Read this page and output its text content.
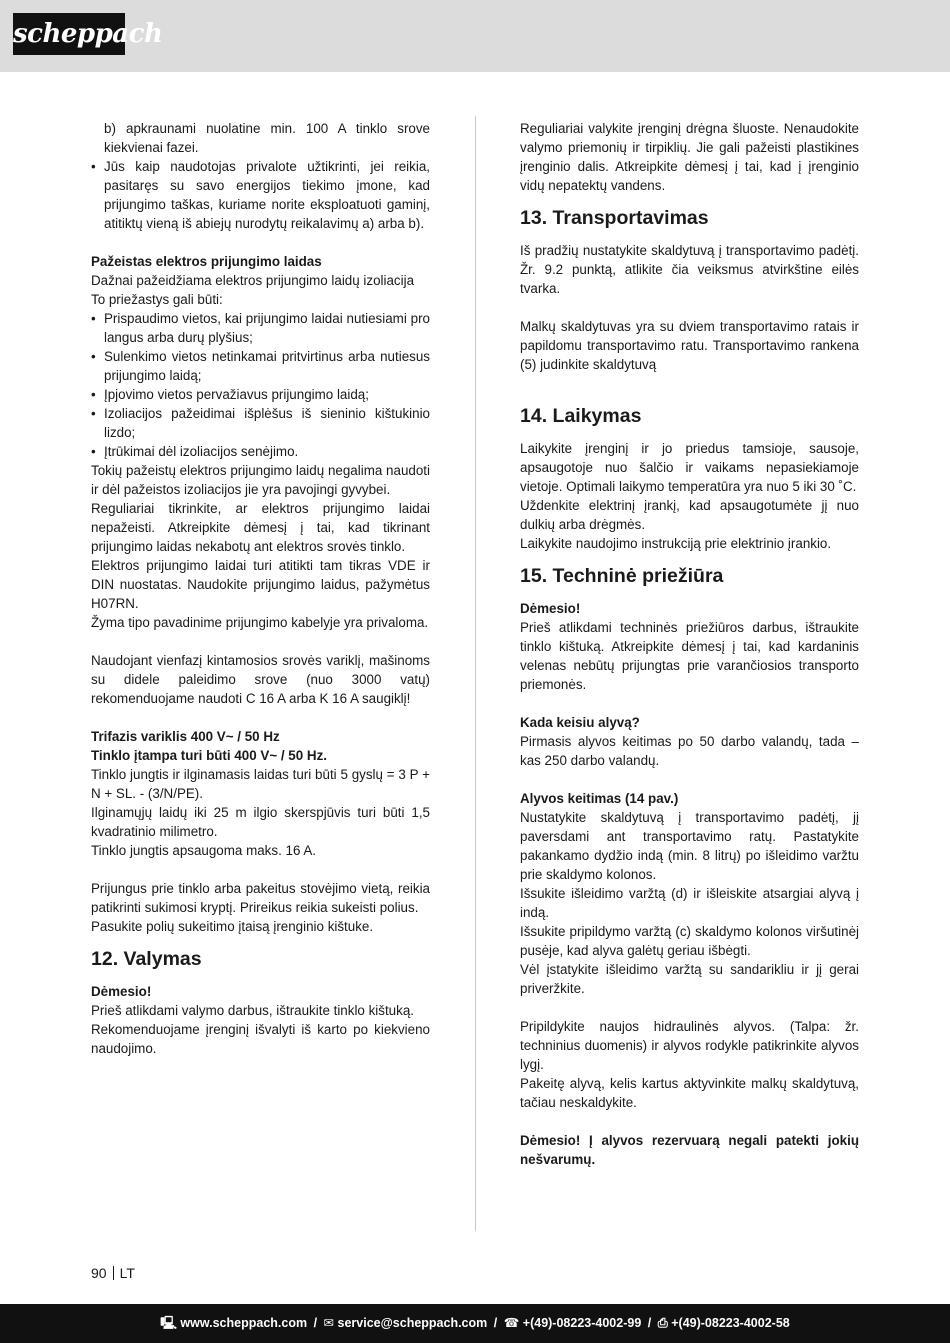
scheppach

b) apkraunami nuolatine min. 100 A tinklo srove kiekvienai fazei.

• Jūs kaip naudotojas privalote užtikrinti, jei reikia, pasitaręs su savo energijos tiekimo įmone, kad prijungimo taškas, kuriame norite eksploatuoti gaminį, atitiktų vieną iš abiejų nurodytų reikalavimų a) arba b).

Pažeistas elektros prijungimo laidas

Dažnai pažeidžiama elektros prijungimo laidų izoliacija

To priežastys gali būti:

• Prispaudimo vietos, kai prijungimo laidai nutiesiami pro langus arba durų plyšius;
• Sulenkimo vietos netinkamai pritvirtinus arba nutiesus prijungimo laidą;
• Įpjovimo vietos pervažiavus prijungimo laidą;
• Izoliacijos pažeidimai išplėšus iš sieninio kištukinio lizdo;
• Įtrūkimai dėl izoliacijos senėjimo.

Tokių pažeistų elektros prijungimo laidų negalima naudoti ir dėl pažeistos izoliacijos jie yra pavojingi gyvybei.

Reguliariai tikrinkite, ar elektros prijungimo laidai nepažeisti. Atkreipkite dėmesį į tai, kad tikrinant prijungimo laidas nekabotų ant elektros srovės tinklo.

Elektros prijungimo laidai turi atitikti tam tikras VDE ir DIN nuostatas. Naudokite prijungimo laidus, pažymėtus H07RN.

Žyma tipo pavadinime prijungimo kabelyje yra privaloma.

Naudojant vienfazį kintamosios srovės variklį, mašinoms su didele paleidimo srove (nuo 3000 vatų) rekomenduojame naudoti C 16 A arba K 16 A saugiklį!

Trifazis variklis 400 V~ / 50 Hz

Tinklo įtampa turi būti 400 V~ / 50 Hz.

Tinklo jungtis ir ilginamasis laidas turi būti 5 gyslų = 3 P + N + SL. - (3/N/PE).

Ilginamųjų laidų iki 25 m ilgio skerspjūvis turi būti 1,5 kvadratinio milimetro.

Tinklo jungtis apsaugoma maks. 16 A.

Prijungus prie tinklo arba pakeitus stovėjimo vietą, reikia patikrinti sukimosi kryptį. Prireikus reikia sukeisti polius.

Pasukite polių sukeitimo įtaisą įrenginio kištuke.

12. Valymas

Dėmesio!

Prieš atlikdami valymo darbus, ištraukite tinklo kištuką.

Rekomenduojame įrenginį išvalyti iš karto po kiekvieno naudojimo.

Reguliariai valykite įrenginį drėgna šluoste. Nenaudokite valymo priemonių ir tirpiklių. Jie gali pažeisti plastikines įrenginio dalis. Atkreipkite dėmesį į tai, kad į įrenginio vidų nepatektų vandens.

13. Transportavimas

Iš pradžių nustatykite skaldytuvą į transportavimo padėtį. Žr. 9.2 punktą, atlikite čia veiksmus atvirkštine eilės tvarka.

Malkų skaldytuvas yra su dviem transportavimo ratais ir papildomu transportavimo ratu. Transportavimo rankena (5) judinkite skaldytuvą

14. Laikymas

Laikykite įrenginį ir jo priedus tamsioje, sausoje, apsaugotoje nuo šalčio ir vaikams nepasiekiamoje vietoje. Optimali laikymo temperatūra yra nuo 5 iki 30 ˚C.

Uždenkite elektrinį įrankį, kad apsaugotumėte jį nuo dulkių arba drėgmės.

Laikykite naudojimo instrukciją prie elektrinio įrankio.

15. Techninė priežiūra

Dėmesio!

Prieš atlikdami techninės priežiūros darbus, ištraukite tinklo kištuką. Atkreipkite dėmesį į tai, kad kardaninis velenas nebūtų prijungtas prie varančiosios transporto priemonės.

Kada keisiu alyvą?

Pirmasis alyvos keitimas po 50 darbo valandų, tada – kas 250 darbo valandų.

Alyvos keitimas (14 pav.)

Nustatykite skaldytuvą į transportavimo padėtį, jį paversdami ant transportavimo ratų. Pastatykite pakankamo dydžio indą (min. 8 litrų) po išleidimo varžtu prie skaldymo kolonos.

Išsukite išleidimo varžtą (d) ir išleiskite atsargiai alyvą į indą.

Išsukite pripildymo varžtą (c) skaldymo kolonos viršutinėj pusėje, kad alyva galėtų geriau išbėgti.

Vėl įstatykite išleidimo varžtą su sandarikliu ir jį gerai priveržkite.

Pripildykite naujos hidraulinės alyvos. (Talpa: žr. techninius duomenis) ir alyvos rodykle patikrinkite alyvos lygį.

Pakeitę alyvą, kelis kartus aktyvinkite malkų skaldytuvą, tačiau neskaldykite.

Dėmesio! Į alyvos rezervuarą negali patekti jokių nešvarumų.

90 LT
🖳 www.scheppach.com / ✉ service@scheppach.com / ☎ +(49)-08223-4002-99 / ⎙ +(49)-08223-4002-58
